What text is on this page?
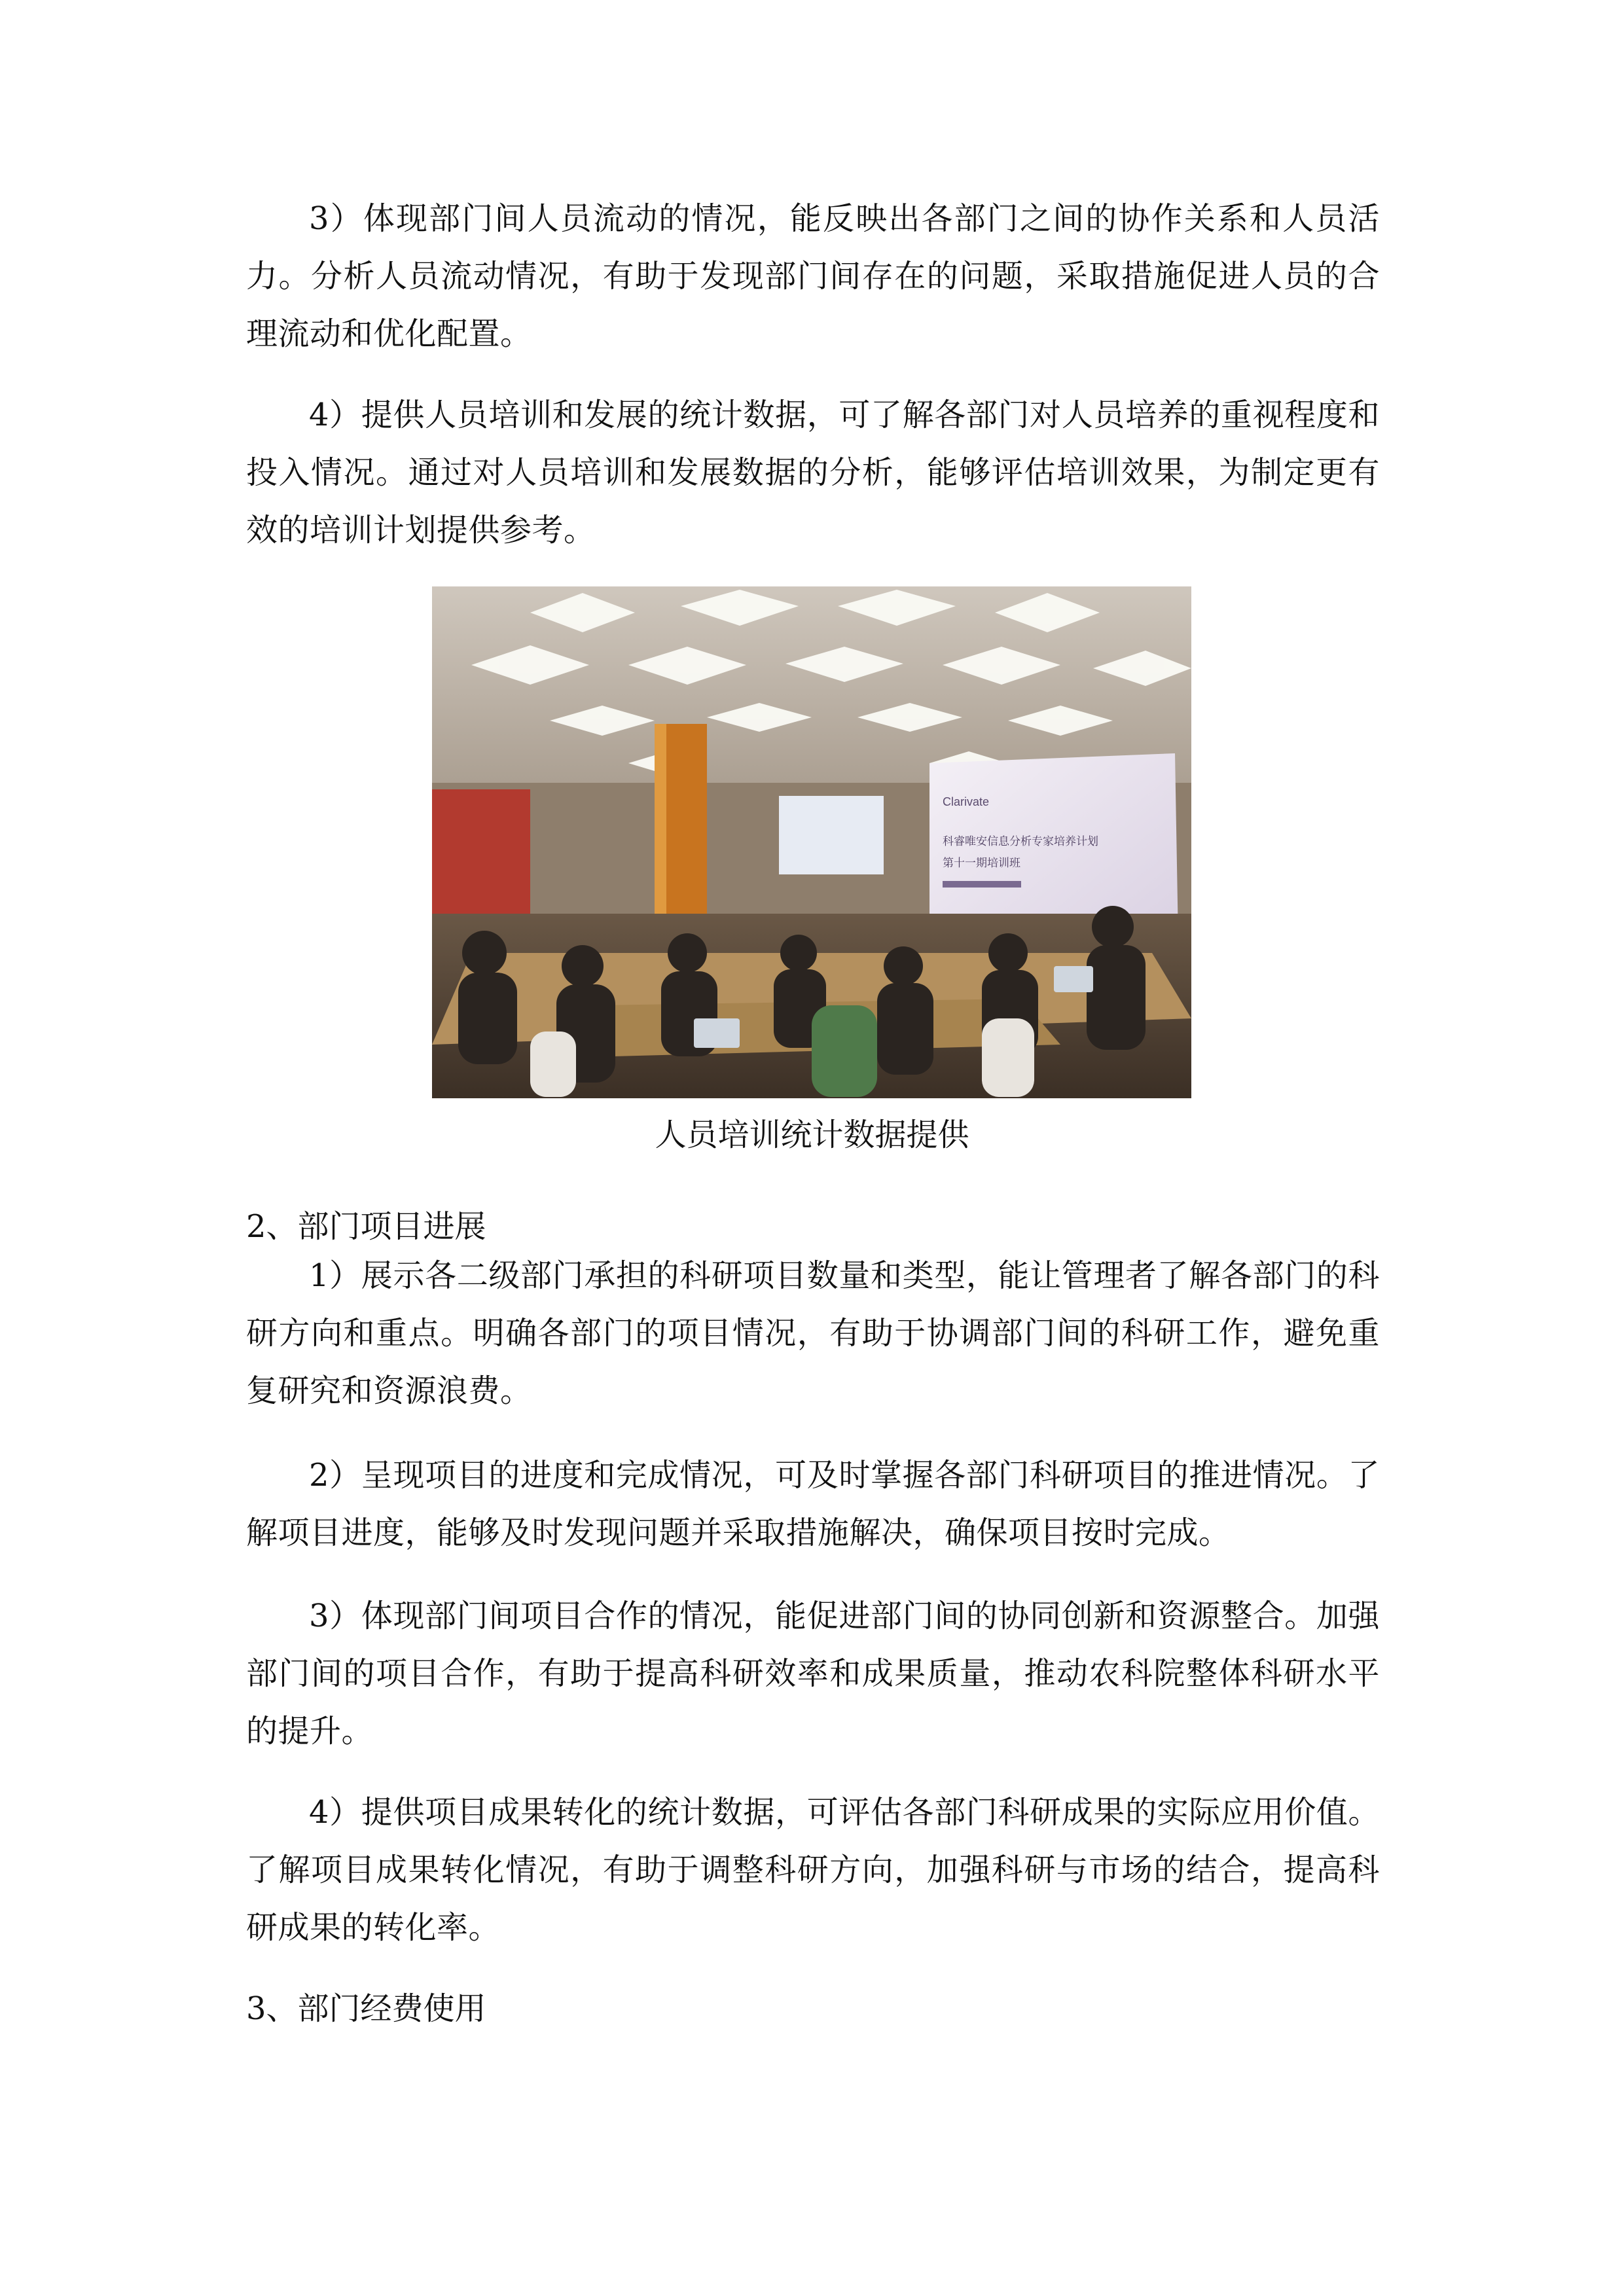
3）体现部门间人员流动的情况，能反映出各部门之间的协作关系和人员活力。分析人员流动情况，有助于发现部门间存在的问题，采取措施促进人员的合理流动和优化配置。

4）提供人员培训和发展的统计数据，可了解各部门对人员培养的重视程度和投入情况。通过对人员培训和发展数据的分析，能够评估培训效果，为制定更有效的培训计划提供参考。

Clarivate
科睿唯安信息分析专家培养计划
第十一期培训班

人员培训统计数据提供

2、部门项目进展

1）展示各二级部门承担的科研项目数量和类型，能让管理者了解各部门的科研方向和重点。明确各部门的项目情况，有助于协调部门间的科研工作，避免重复研究和资源浪费。

2）呈现项目的进度和完成情况，可及时掌握各部门科研项目的推进情况。了解项目进度，能够及时发现问题并采取措施解决，确保项目按时完成。

3）体现部门间项目合作的情况，能促进部门间的协同创新和资源整合。加强部门间的项目合作，有助于提高科研效率和成果质量，推动农科院整体科研水平的提升。

4）提供项目成果转化的统计数据，可评估各部门科研成果的实际应用价值。了解项目成果转化情况，有助于调整科研方向，加强科研与市场的结合，提高科研成果的转化率。

3、部门经费使用
